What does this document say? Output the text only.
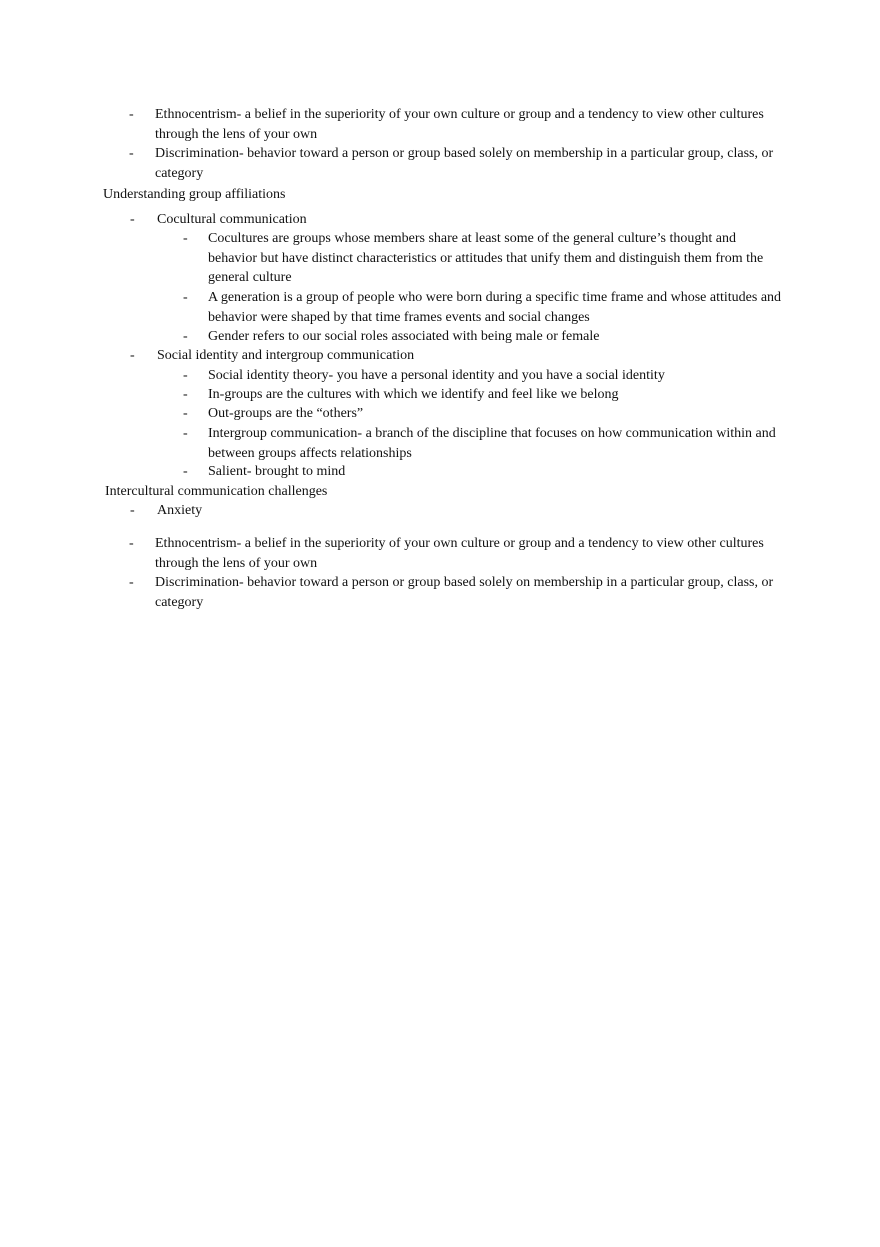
- Ethnocentrism- a belief in the superiority of your own culture or group and a tendency to view other cultures through the lens of your own
- Discrimination- behavior toward a person or group based solely on membership in a particular group, class, or category
Understanding group affiliations
- Cocultural communication
- Cocultures are groups whose members share at least some of the general culture’s thought and behavior but have distinct characteristics or attitudes that unify them and distinguish them from the general culture
- A generation is a group of people who were born during a specific time frame and whose attitudes and behavior were shaped by that time frames events and social changes
- Gender refers to our social roles associated with being male or female
- Social identity and intergroup communication
- Social identity theory- you have a personal identity and you have a social identity
- In-groups are the cultures with which we identify and feel like we belong
- Out-groups are the “others”
- Intergroup communication- a branch of the discipline that focuses on how communication within and between groups affects relationships
- Salient- brought to mind
Intercultural communication challenges
- Anxiety
- Ethnocentrism- a belief in the superiority of your own culture or group and a tendency to view other cultures through the lens of your own
- Discrimination- behavior toward a person or group based solely on membership in a particular group, class, or category
